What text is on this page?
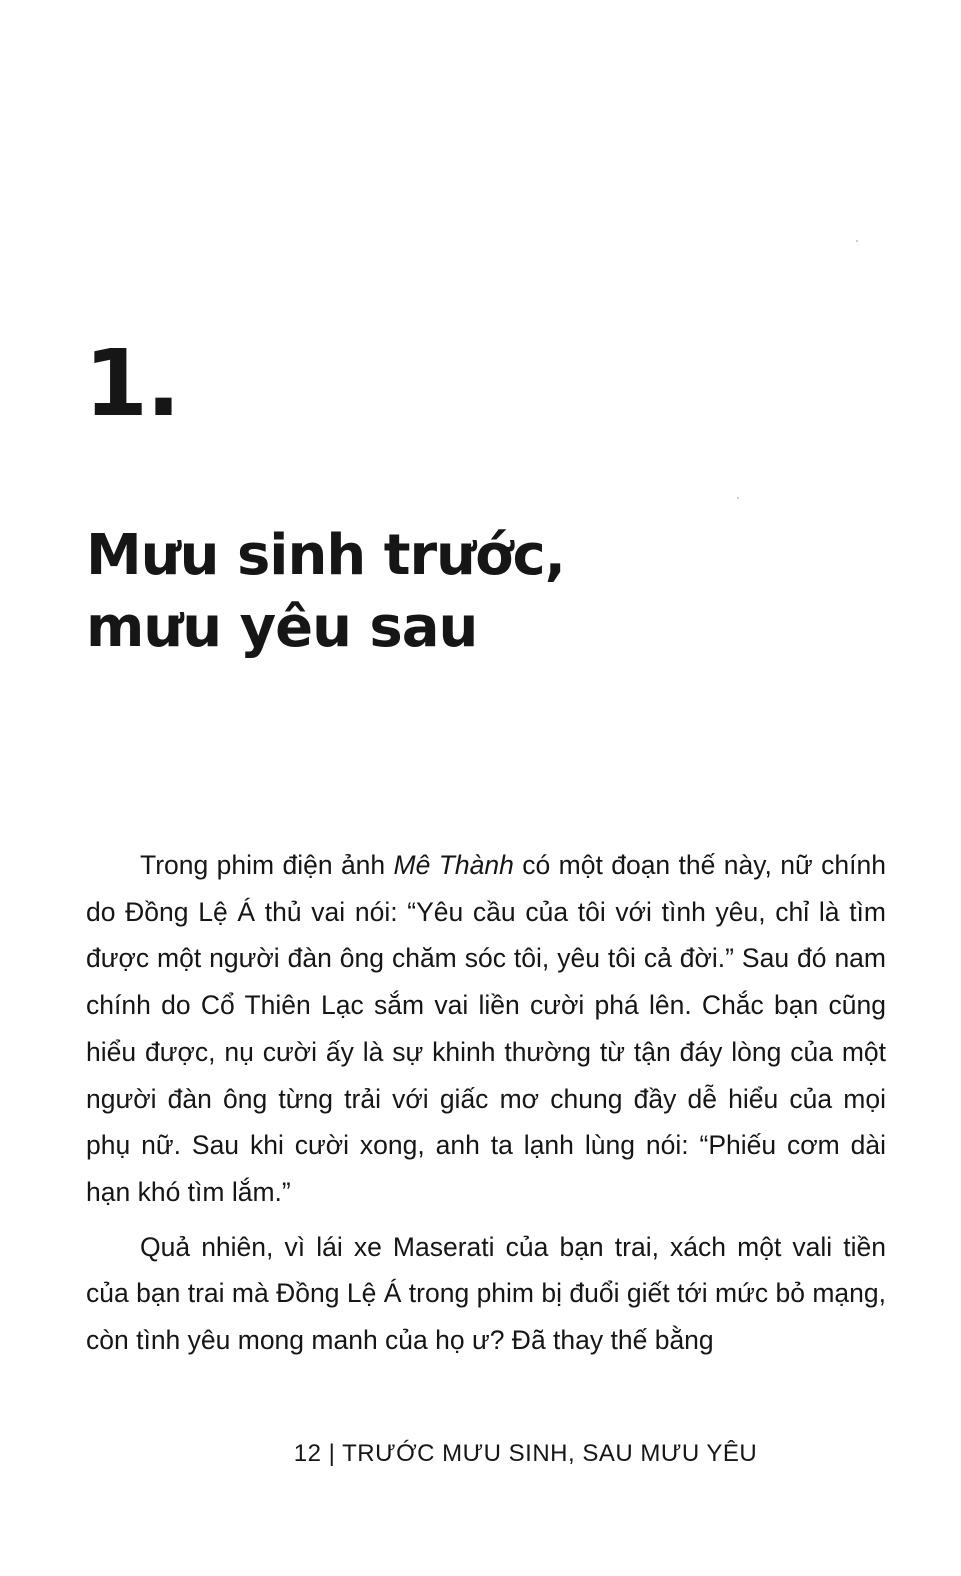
1.
Mưu sinh trước,
mưu yêu sau

Trong phim điện ảnh Mê Thành có một đoạn thế này, nữ chính do Đồng Lệ Á thủ vai nói: “Yêu cầu của tôi với tình yêu, chỉ là tìm được một người đàn ông chăm sóc tôi, yêu tôi cả đời.” Sau đó nam chính do Cổ Thiên Lạc sắm vai liền cười phá lên. Chắc bạn cũng hiểu được, nụ cười ấy là sự khinh thường từ tận đáy lòng của một người đàn ông từng trải với giấc mơ chung đầy dễ hiểu của mọi phụ nữ. Sau khi cười xong, anh ta lạnh lùng nói: “Phiếu cơm dài hạn khó tìm lắm.”

Quả nhiên, vì lái xe Maserati của bạn trai, xách một vali tiền của bạn trai mà Đồng Lệ Á trong phim bị đuổi giết tới mức bỏ mạng, còn tình yêu mong manh của họ ư? Đã thay thế bằng

12 | TRƯỚC MƯU SINH, SAU MƯU YÊU
